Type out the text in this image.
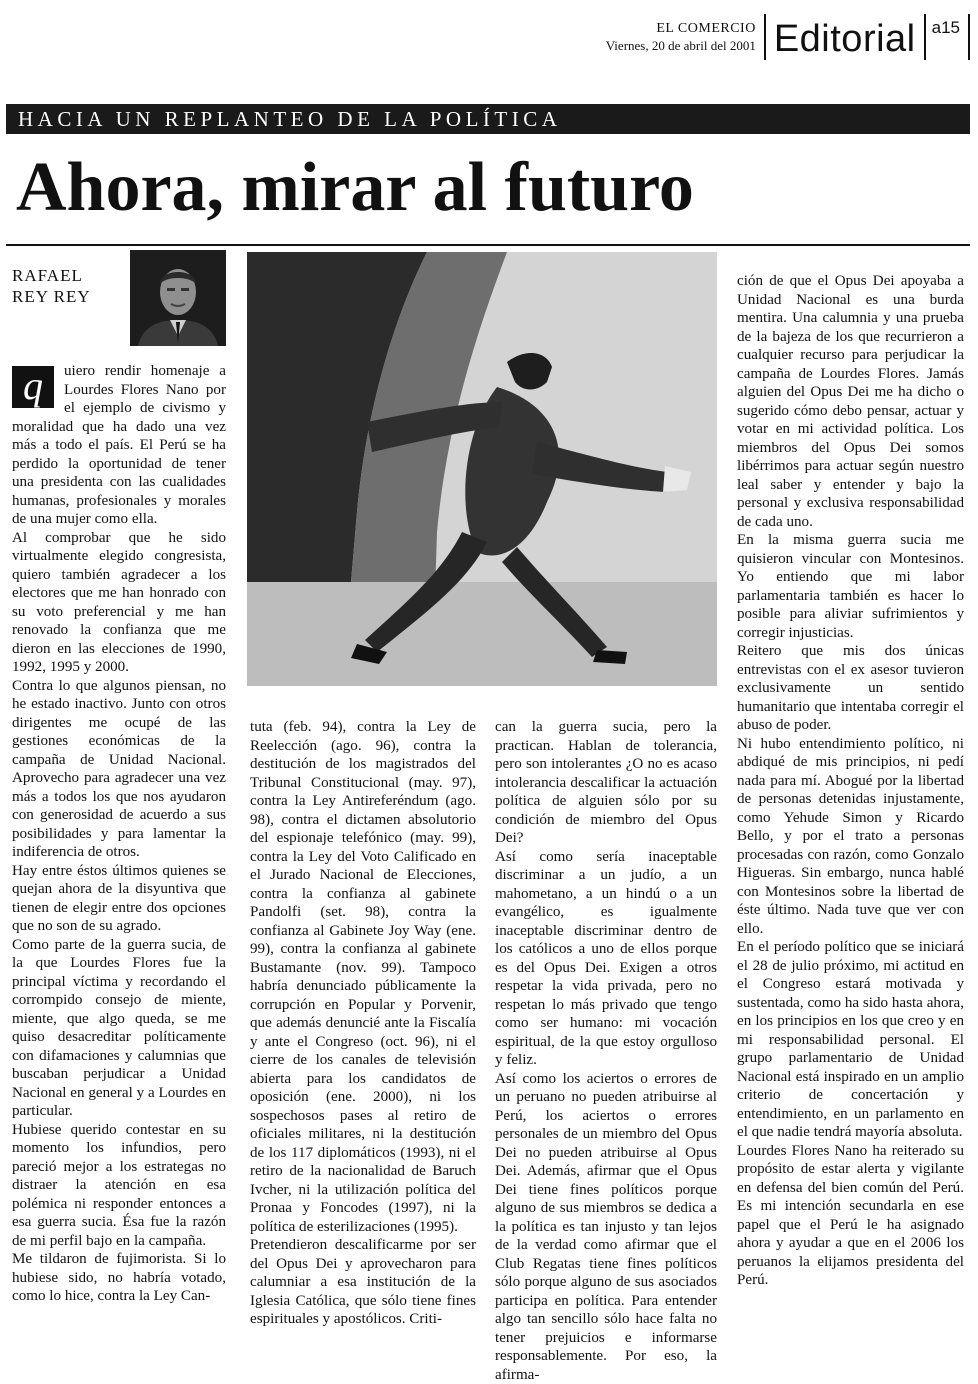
EL COMERCIO
Viernes, 20 de abril del 2001 Editorial a15
HACIA UN REPLANTEO DE LA POLÍTICA
Ahora, mirar al futuro
RAFAEL
REY REY

q	uiero rendir homenaje a Lourdes Flores Nano por el ejemplo de civismo y moralidad que ha dado una vez más a todo el país. El Perú se ha perdido la oportunidad de tener una presidenta con las cualidades humanas, profesionales y morales de una mujer como ella.

Al comprobar que he sido virtualmente elegido congresista, quiero también agradecer a los electores que me han honrado con su voto preferencial y me han renovado la confianza que me dieron en las elecciones de 1990, 1992, 1995 y 2000.

Contra lo que algunos piensan, no he estado inactivo. Junto con otros dirigentes me ocupé de las gestiones económicas de la campaña de Unidad Nacional. Aprovecho para agradecer una vez más a todos los que nos ayudaron con generosidad de acuerdo a sus posibilidades y para lamentar la indiferencia de otros.

Hay entre éstos últimos quienes se quejan ahora de la disyuntiva que tienen de elegir entre dos opciones que no son de su agrado.

Como parte de la guerra sucia, de la que Lourdes Flores fue la principal víctima y recordando el corrompido consejo de miente, miente, que algo queda, se me quiso desacreditar políticamente con difamaciones y calumnias que buscaban perjudicar a Unidad Nacional en general y a Lourdes en particular.

Hubiese querido contestar en su momento los infundios, pero pareció mejor a los estrategas no distraer la atención en esa polémica ni responder entonces a esa guerra sucia. Ésa fue la razón de mi perfil bajo en la campaña.

Me tildaron de fujimorista. Si lo hubiese sido, no habría votado, como lo hice, contra la Ley Can-

tuta (feb. 94), contra la Ley de Reelección (ago. 96), contra la destitución de los magistrados del Tribunal Constitucional (may. 97), contra la Ley Antireferéndum (ago. 98), contra el dictamen absolutorio del espionaje telefónico (may. 99), contra la Ley del Voto Calificado en el Jurado Nacional de Elecciones, contra la confianza al gabinete Pandolfi (set. 98), contra la confianza al Gabinete Joy Way (ene. 99), contra la confianza al gabinete Bustamante (nov. 99). Tampoco habría denunciado públicamente la corrupción en Popular y Porvenir, que además denuncié ante la Fiscalía y ante el Congreso (oct. 96), ni el cierre de los canales de televisión abierta para los candidatos de oposición (ene. 2000), ni los sospechosos pases al retiro de oficiales militares, ni la destitución de los 117 diplomáticos (1993), ni el retiro de la nacionalidad de Baruch Ivcher, ni la utilización política del Pronaa y Foncodes (1997), ni la política de esterilizaciones (1995).

Pretendieron descalificarme por ser del Opus Dei y aprovecharon para calumniar a esa institución de la Iglesia Católica, que sólo tiene fines espirituales y apostólicos. Criti-

can la guerra sucia, pero la practican. Hablan de tolerancia, pero son intolerantes ¿O no es acaso intolerancia descalificar la actuación política de alguien sólo por su condición de miembro del Opus Dei?

Así como sería inaceptable discriminar a un judío, a un mahometano, a un hindú o a un evangélico, es igualmente inaceptable discriminar dentro de los católicos a uno de ellos porque es del Opus Dei. Exigen a otros respetar la vida privada, pero no respetan lo más privado que tengo como ser humano: mi vocación espiritual, de la que estoy orgulloso y feliz.

Así como los aciertos o errores de un peruano no pueden atribuirse al Perú, los aciertos o errores personales de un miembro del Opus Dei no pueden atribuirse al Opus Dei. Además, afirmar que el Opus Dei tiene fines políticos porque alguno de sus miembros se dedica a la política es tan injusto y tan lejos de la verdad como afirmar que el Club Regatas tiene fines políticos sólo porque alguno de sus asociados participa en política. Para entender algo tan sencillo sólo hace falta no tener prejuicios e informarse responsablemente. Por eso, la afirma-

ción de que el Opus Dei apoyaba a Unidad Nacional es una burda mentira. Una calumnia y una prueba de la bajeza de los que recurrieron a cualquier recurso para perjudicar la campaña de Lourdes Flores. Jamás alguien del Opus Dei me ha dicho o sugerido cómo debo pensar, actuar y votar en mi actividad política. Los miembros del Opus Dei somos libérrimos para actuar según nuestro leal saber y entender y bajo la personal y exclusiva responsabilidad de cada uno.

En la misma guerra sucia me quisieron vincular con Montesinos. Yo entiendo que mi labor parlamentaria también es hacer lo posible para aliviar sufrimientos y corregir injusticias.

Reitero que mis dos únicas entrevistas con el ex asesor tuvieron exclusivamente un sentido humanitario que intentaba corregir el abuso de poder.

Ni hubo entendimiento político, ni abdiqué de mis principios, ni pedí nada para mí. Abogué por la libertad de personas detenidas injustamente, como Yehude Simon y Ricardo Bello, y por el trato a personas procesadas con razón, como Gonzalo Higueras. Sin embargo, nunca hablé con Montesinos sobre la libertad de éste último. Nada tuve que ver con ello.

En el período político que se iniciará el 28 de julio próximo, mi actitud en el Congreso estará motivada y sustentada, como ha sido hasta ahora, en los principios en los que creo y en mi responsabilidad personal. El grupo parlamentario de Unidad Nacional está inspirado en un amplio criterio de concertación y entendimiento, en un parlamento en el que nadie tendrá mayoría absoluta.

Lourdes Flores Nano ha reiterado su propósito de estar alerta y vigilante en defensa del bien común del Perú. Es mi intención secundarla en ese papel que el Perú le ha asignado ahora y ayudar a que en el 2006 los peruanos la elijamos presidenta del Perú.
